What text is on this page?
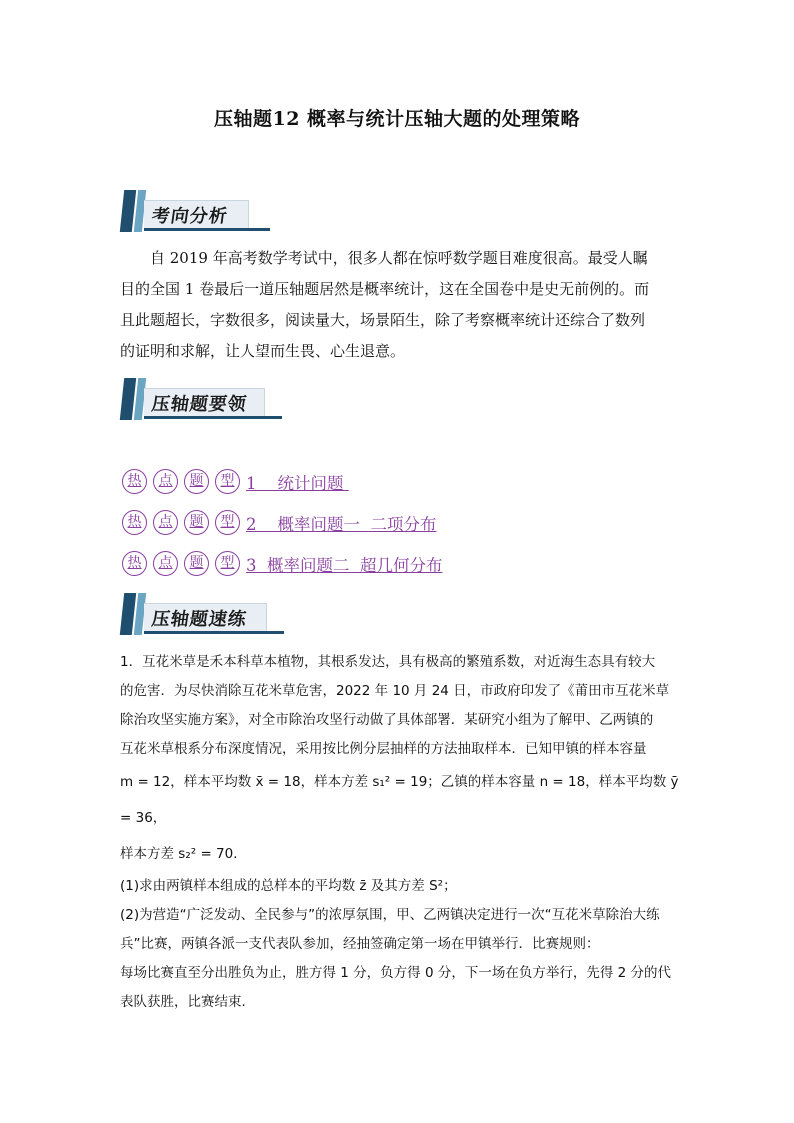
压轴题12 概率与统计压轴大题的处理策略
考向分析

自 2019 年高考数学考试中，很多人都在惊呼数学题目难度很高。最受人瞩

目的全国 1 卷最后一道压轴题居然是概率统计，这在全国卷中是史无前例的。而

且此题超长，字数很多，阅读量大，场景陌生，除了考察概率统计还综合了数列

的证明和求解，让人望而生畏、心生退意。

压轴题要领
热	点	题	型 1    统计问题
热	点	题	型 2    概率问题一  二项分布
热	点	题	型 3  概率问题二  超几何分布
压轴题速练

1．互花米草是禾本科草本植物，其根系发达，具有极高的繁殖系数，对近海生态具有较大

的危害．为尽快消除互花米草危害，2022 年 10 月 24 日，市政府印发了《莆田市互花米草

除治攻坚实施方案》，对全市除治攻坚行动做了具体部署．某研究小组为了解甲、乙两镇的

互花米草根系分布深度情况，采用按比例分层抽样的方法抽取样本．已知甲镇的样本容量

m = 12，样本平均数 x̄ = 18，样本方差 s₁² = 19；乙镇的样本容量 n = 18，样本平均数 ȳ = 36，

样本方差 s₂² = 70．

(1)求由两镇样本组成的总样本的平均数 z̄ 及其方差 S²；

(2)为营造“广泛发动、全民参与”的浓厚氛围，甲、乙两镇决定进行一次“互花米草除治大练

兵”比赛，两镇各派一支代表队参加，经抽签确定第一场在甲镇举行．比赛规则：

每场比赛直至分出胜负为止，胜方得 1 分，负方得 0 分，下一场在负方举行，先得 2 分的代

表队获胜，比赛结束．
